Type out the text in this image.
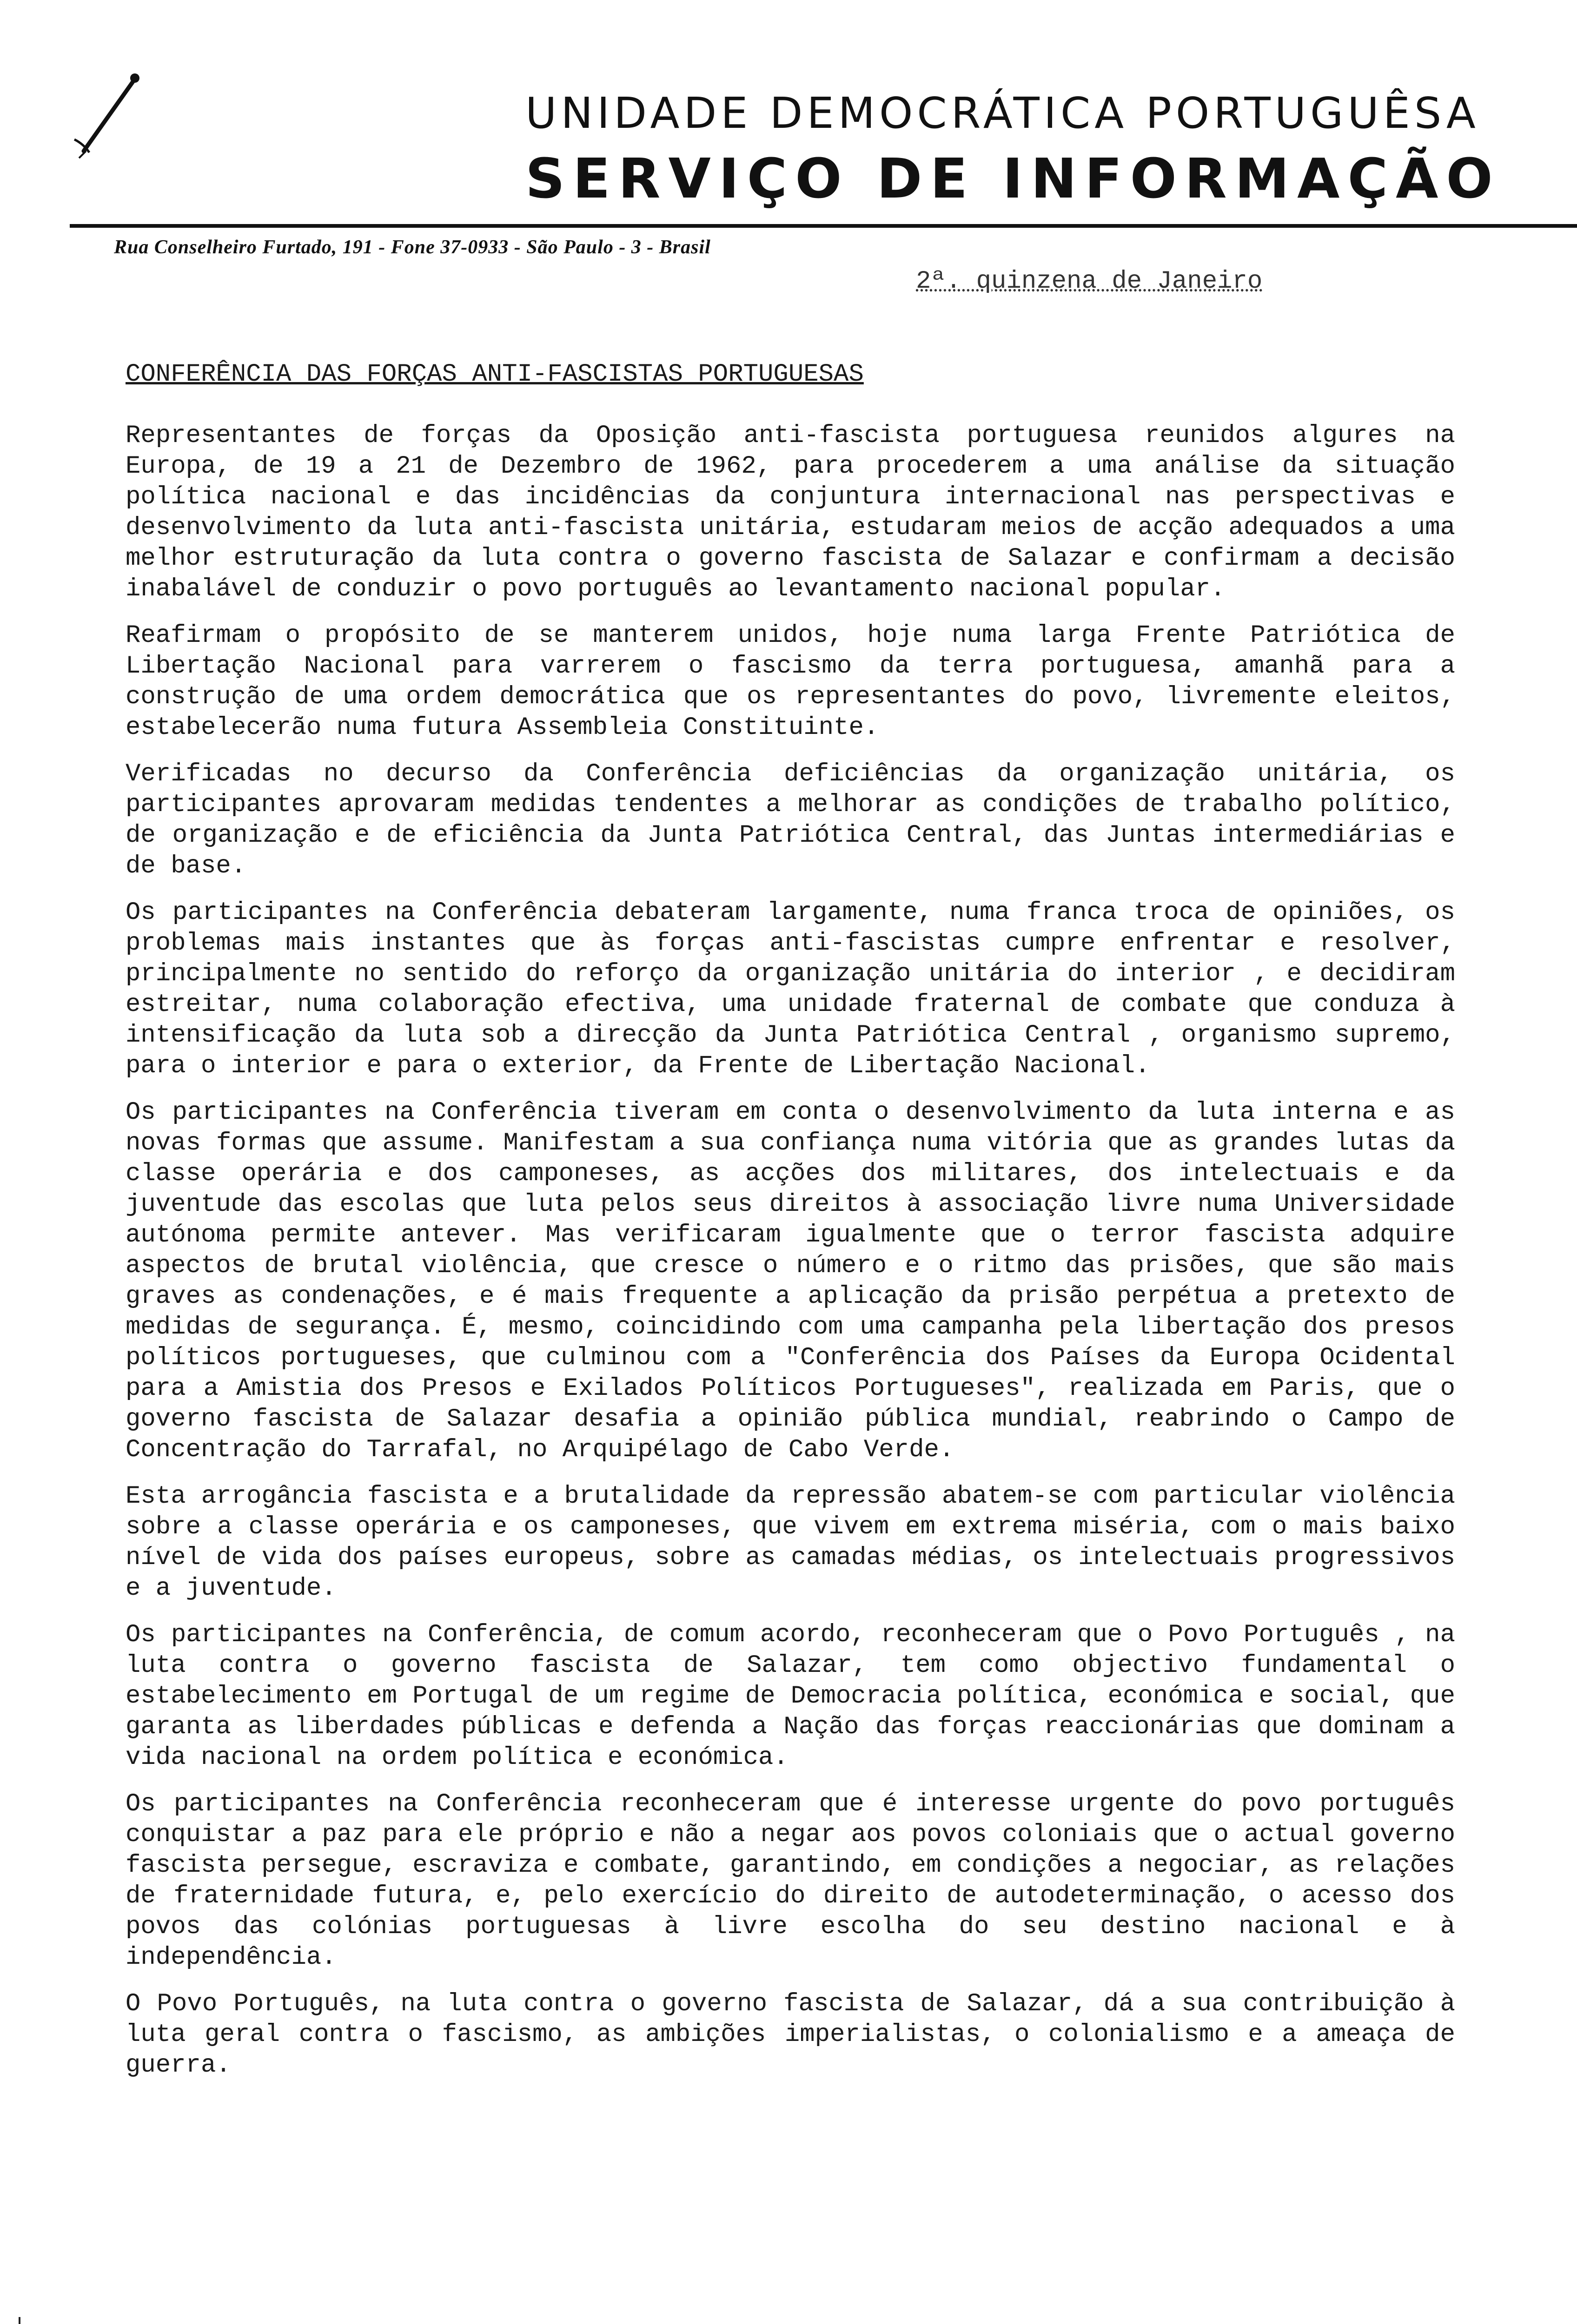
UNIDADE DEMOCRÁTICA PORTUGUÊSA
SERVIÇO DE INFORMAÇÃO
Rua Conselheiro Furtado, 191 - Fone 37-0933 - São Paulo - 3 - Brasil
2ª. quinzena de Janeiro
CONFERÊNCIA DAS FORÇAS ANTI-FASCISTAS PORTUGUESAS

Representantes de forças da Oposição anti-fascista portuguesa reunidos algures na Europa, de 19 a 21 de Dezembro de 1962, para procederem a uma análise da situação política nacional e das incidências da conjuntura internacional nas perspectivas e desenvolvimento da luta anti-fascista unitária, estudaram meios de acção adequados a uma melhor estruturação da luta contra o governo fascista de Salazar e confirmam a decisão inabalável de conduzir o povo português ao levantamento nacional popular.

Reafirmam o propósito de se manterem unidos, hoje numa larga Frente Patriótica de Libertação Nacional para varrerem o fascismo da terra portuguesa, amanhã para a construção de uma ordem democrática que os representantes do povo, livremente eleitos, estabelecerão numa futura Assembleia Constituinte.

Verificadas no decurso da Conferência deficiências da organização unitária, os participantes aprovaram medidas tendentes a melhorar as condições de trabalho político, de organização e de eficiência da Junta Patriótica Central, das Juntas intermediárias e de base.

Os participantes na Conferência debateram largamente, numa franca troca de opiniões, os problemas mais instantes que às forças anti-fascistas cumpre enfrentar e resolver, principalmente no sentido do reforço da organização unitária do interior , e decidiram estreitar, numa colaboração efectiva, uma unidade fraternal de combate que conduza à intensificação da luta sob a direcção da Junta Patriótica Central , organismo supremo, para o interior e para o exterior, da Frente de Libertação Nacional.

Os participantes na Conferência tiveram em conta o desenvolvimento da luta interna e as novas formas que assume. Manifestam a sua confiança numa vitória que as grandes lutas da classe operária e dos camponeses, as acções dos militares, dos intelectuais e da juventude das escolas que luta pelos seus direitos à associação livre numa Universidade autónoma permite antever. Mas verificaram igualmente que o terror fascista adquire aspectos de brutal violência, que cresce o número e o ritmo das prisões, que são mais graves as condenações, e é mais frequente a aplicação da prisão perpétua a pretexto de medidas de segurança. É, mesmo, coincidindo com uma campanha pela libertação dos presos políticos portugueses, que culminou com a "Conferência dos Países da Europa Ocidental para a Amistia dos Presos e Exilados Políticos Portugueses", realizada em Paris, que o governo fascista de Salazar desafia a opinião pública mundial, reabrindo o Campo de Concentração do Tarrafal, no Arquipélago de Cabo Verde.

Esta arrogância fascista e a brutalidade da repressão abatem-se com particular violência sobre a classe operária e os camponeses, que vivem em extrema miséria, com o mais baixo nível de vida dos países europeus, sobre as camadas médias, os intelectuais progressivos e a juventude.

Os participantes na Conferência, de comum acordo, reconheceram que o Povo Português , na luta contra o governo fascista de Salazar, tem como objectivo fundamental o estabelecimento em Portugal de um regime de Democracia política, económica e social, que garanta as liberdades públicas e defenda a Nação das forças reaccionárias que dominam a vida nacional na ordem política e económica.

Os participantes na Conferência reconheceram que é interesse urgente do povo português conquistar a paz para ele próprio e não a negar aos povos coloniais que o actual governo fascista persegue, escraviza e combate, garantindo, em condições a negociar, as relações de fraternidade futura, e, pelo exercício do direito de autodeterminação, o acesso dos povos das colónias portuguesas à livre escolha do seu destino nacional e à independência.

O Povo Português, na luta contra o governo fascista de Salazar, dá a sua contribuição à luta geral contra o fascismo, as ambições imperialistas, o colonialismo e a ameaça de guerra.
